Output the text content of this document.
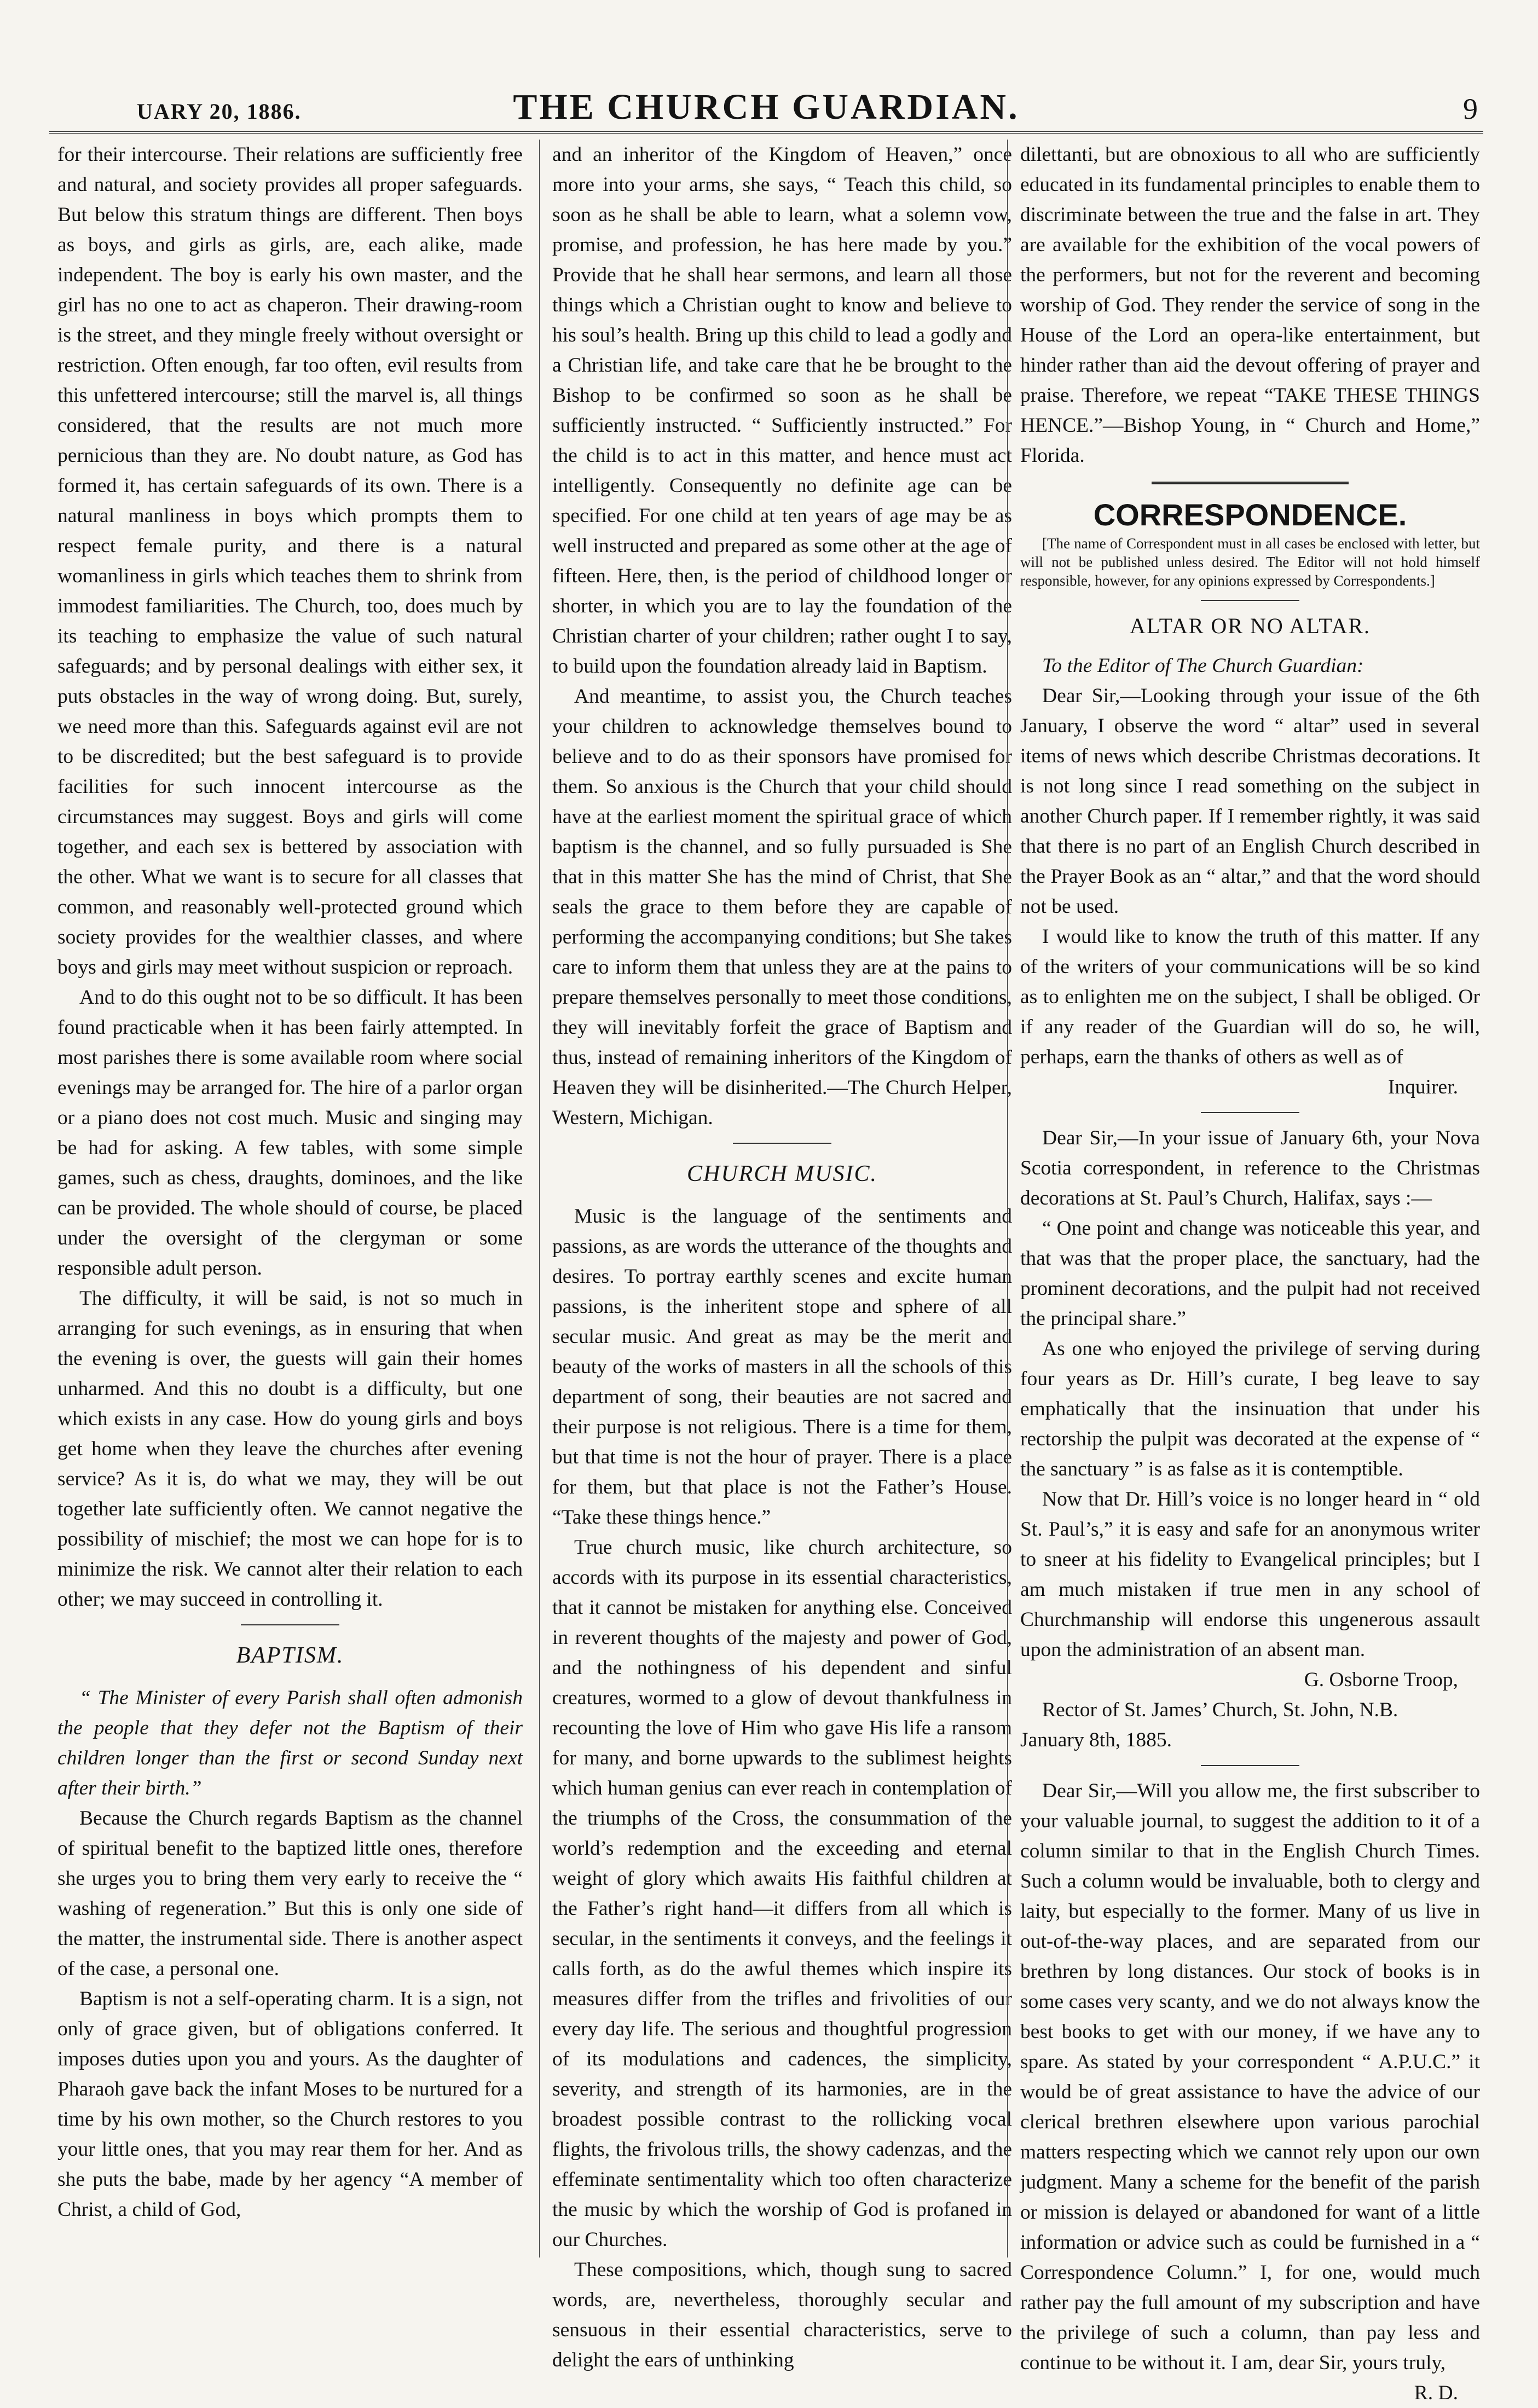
UARY 20, 1886.	THE CHURCH GUARDIAN.	9

for their intercourse. Their relations are sufficiently free and natural, and society provides all proper safeguards. But below this stratum things are different. Then boys as boys, and girls as girls, are, each alike, made independent. The boy is early his own master, and the girl has no one to act as chaperon. Their drawing-room is the street, and they mingle freely without oversight or restriction. Often enough, far too often, evil results from this unfettered intercourse; still the marvel is, all things considered, that the results are not much more pernicious than they are. No doubt nature, as God has formed it, has certain safeguards of its own. There is a natural manliness in boys which prompts them to respect female purity, and there is a natural womanliness in girls which teaches them to shrink from immodest familiarities. The Church, too, does much by its teaching to emphasize the value of such natural safeguards; and by personal dealings with either sex, it puts obstacles in the way of wrong doing. But, surely, we need more than this. Safeguards against evil are not to be discredited; but the best safeguard is to provide facilities for such innocent intercourse as the circumstances may suggest. Boys and girls will come together, and each sex is bettered by association with the other. What we want is to secure for all classes that common, and reasonably well-protected ground which society provides for the wealthier classes, and where boys and girls may meet without suspicion or reproach.

And to do this ought not to be so difficult. It has been found practicable when it has been fairly attempted. In most parishes there is some available room where social evenings may be arranged for. The hire of a parlor organ or a piano does not cost much. Music and singing may be had for asking. A few tables, with some simple games, such as chess, draughts, dominoes, and the like can be provided. The whole should of course, be placed under the oversight of the clergyman or some responsible adult person.

The difficulty, it will be said, is not so much in arranging for such evenings, as in ensuring that when the evening is over, the guests will gain their homes unharmed. And this no doubt is a difficulty, but one which exists in any case. How do young girls and boys get home when they leave the churches after evening service? As it is, do what we may, they will be out together late sufficiently often. We cannot negative the possibility of mischief; the most we can hope for is to minimize the risk. We cannot alter their relation to each other; we may succeed in controlling it.

BAPTISM.

“ The Minister of every Parish shall often admonish the people that they defer not the Baptism of their children longer than the first or second Sunday next after their birth.”

Because the Church regards Baptism as the channel of spiritual benefit to the baptized little ones, therefore she urges you to bring them very early to receive the “ washing of regeneration.” But this is only one side of the matter, the instrumental side. There is another aspect of the case, a personal one.

Baptism is not a self-operating charm. It is a sign, not only of grace given, but of obligations conferred. It imposes duties upon you and yours. As the daughter of Pharaoh gave back the infant Moses to be nurtured for a time by his own mother, so the Church restores to you your little ones, that you may rear them for her. And as she puts the babe, made by her agency “A member of Christ, a child of God,

and an inheritor of the Kingdom of Heaven,” once more into your arms, she says, “ Teach this child, so soon as he shall be able to learn, what a solemn vow, promise, and profession, he has here made by you.” Provide that he shall hear sermons, and learn all those things which a Christian ought to know and believe to his soul’s health. Bring up this child to lead a godly and a Christian life, and take care that he be brought to the Bishop to be confirmed so soon as he shall be sufficiently instructed. “ Sufficiently instructed.” For the child is to act in this matter, and hence must act intelligently. Consequently no definite age can be specified. For one child at ten years of age may be as well instructed and prepared as some other at the age of fifteen. Here, then, is the period of childhood longer or shorter, in which you are to lay the foundation of the Christian charter of your children; rather ought I to say, to build upon the foundation already laid in Baptism.

And meantime, to assist you, the Church teaches your children to acknowledge themselves bound to believe and to do as their sponsors have promised for them. So anxious is the Church that your child should have at the earliest moment the spiritual grace of which baptism is the channel, and so fully pursuaded is She that in this matter She has the mind of Christ, that She seals the grace to them before they are capable of performing the accompanying conditions; but She takes care to inform them that unless they are at the pains to prepare themselves personally to meet those conditions, they will inevitably forfeit the grace of Baptism and thus, instead of remaining inheritors of the Kingdom of Heaven they will be disinherited.—The Church Helper, Western, Michigan.

CHURCH MUSIC.

Music is the language of the sentiments and passions, as are words the utterance of the thoughts and desires. To portray earthly scenes and excite human passions, is the inheritent stope and sphere of all secular music. And great as may be the merit and beauty of the works of masters in all the schools of this department of song, their beauties are not sacred and their purpose is not religious. There is a time for them, but that time is not the hour of prayer. There is a place for them, but that place is not the Father’s House. “Take these things hence.”

True church music, like church architecture, so accords with its purpose in its essential characteristics, that it cannot be mistaken for anything else. Conceived in reverent thoughts of the majesty and power of God, and the nothingness of his dependent and sinful creatures, wormed to a glow of devout thankfulness in recounting the love of Him who gave His life a ransom for many, and borne upwards to the sublimest heights which human genius can ever reach in contemplation of the triumphs of the Cross, the consummation of the world’s redemption and the exceeding and eternal weight of glory which awaits His faithful children at the Father’s right hand—it differs from all which is secular, in the sentiments it conveys, and the feelings it calls forth, as do the awful themes which inspire its measures differ from the trifles and frivolities of our every day life. The serious and thoughtful progression of its modulations and cadences, the simplicity, severity, and strength of its harmonies, are in the broadest possible contrast to the rollicking vocal flights, the frivolous trills, the showy cadenzas, and the effeminate sentimentality which too often characterize the music by which the worship of God is profaned in our Churches.

These compositions, which, though sung to sacred words, are, nevertheless, thoroughly secular and sensuous in their essential characteristics, serve to delight the ears of unthinking

dilettanti, but are obnoxious to all who are sufficiently educated in its fundamental principles to enable them to discriminate between the true and the false in art. They are available for the exhibition of the vocal powers of the performers, but not for the reverent and becoming worship of God. They render the service of song in the House of the Lord an opera-like entertainment, but hinder rather than aid the devout offering of prayer and praise. Therefore, we repeat “TAKE THESE THINGS HENCE.”—Bishop Young, in “ Church and Home,” Florida.

CORRESPONDENCE.

[The name of Correspondent must in all cases be enclosed with letter, but will not be published unless desired. The Editor will not hold himself responsible, however, for any opinions expressed by Correspondents.]

ALTAR OR NO ALTAR.

To the Editor of The Church Guardian:

Dear Sir,—Looking through your issue of the 6th January, I observe the word “ altar” used in several items of news which describe Christmas decorations. It is not long since I read something on the subject in another Church paper. If I remember rightly, it was said that there is no part of an English Church described in the Prayer Book as an “ altar,” and that the word should not be used.

I would like to know the truth of this matter. If any of the writers of your communications will be so kind as to enlighten me on the subject, I shall be obliged. Or if any reader of the Guardian will do so, he will, perhaps, earn the thanks of others as well as of

Inquirer.

Dear Sir,—In your issue of January 6th, your Nova Scotia correspondent, in reference to the Christmas decorations at St. Paul’s Church, Halifax, says :—

“ One point and change was noticeable this year, and that was that the proper place, the sanctuary, had the prominent decorations, and the pulpit had not received the principal share.”

As one who enjoyed the privilege of serving during four years as Dr. Hill’s curate, I beg leave to say emphatically that the insinuation that under his rectorship the pulpit was decorated at the expense of “ the sanctuary ” is as false as it is contemptible.

Now that Dr. Hill’s voice is no longer heard in “ old St. Paul’s,” it is easy and safe for an anonymous writer to sneer at his fidelity to Evangelical principles; but I am much mistaken if true men in any school of Churchmanship will endorse this ungenerous assault upon the administration of an absent man.

G. Osborne Troop,

Rector of St. James’ Church, St. John, N.B.

January 8th, 1885.

Dear Sir,—Will you allow me, the first subscriber to your valuable journal, to suggest the addition to it of a column similar to that in the English Church Times. Such a column would be invaluable, both to clergy and laity, but especially to the former. Many of us live in out-of-the-way places, and are separated from our brethren by long distances. Our stock of books is in some cases very scanty, and we do not always know the best books to get with our money, if we have any to spare. As stated by your correspondent “ A.P.U.C.” it would be of great assistance to have the advice of our clerical brethren elsewhere upon various parochial matters respecting which we cannot rely upon our own judgment. Many a scheme for the benefit of the parish or mission is delayed or abandoned for want of a little information or advice such as could be furnished in a “ Correspondence Column.” I, for one, would much rather pay the full amount of my subscription and have the privilege of such a column, than pay less and continue to be without it. I am, dear Sir, yours truly,

R. D.
